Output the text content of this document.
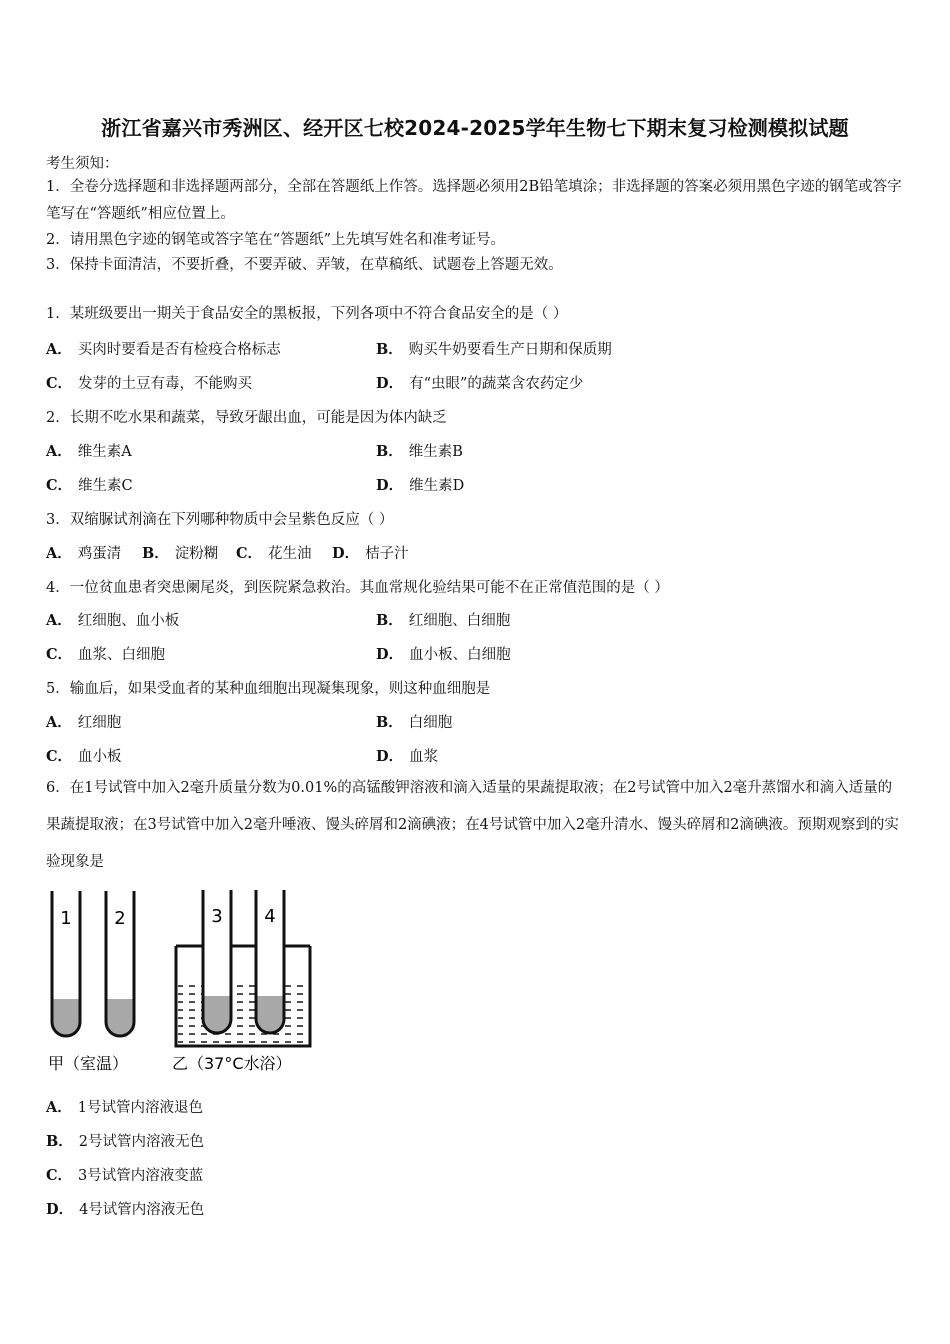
浙江省嘉兴市秀洲区、经开区七校2024-2025学年生物七下期末复习检测模拟试题
考生须知：
1．全卷分选择题和非选择题两部分，全部在答题纸上作答。选择题必须用2B铅笔填涂；非选择题的答案必须用黑色字迹的钢笔或答字笔写在“答题纸”相应位置上。
2．请用黑色字迹的钢笔或答字笔在“答题纸”上先填写姓名和准考证号。
3．保持卡面清洁，不要折叠，不要弄破、弄皱，在草稿纸、试题卷上答题无效。
1．某班级要出一期关于食品安全的黑板报，下列各项中不符合食品安全的是（ ）
A． 买肉时要看是否有检疫合格标志	B． 购买牛奶要看生产日期和保质期
C． 发芽的土豆有毒，不能购买	D． 有“虫眼”的蔬菜含农药定少
2．长期不吃水果和蔬菜，导致牙龈出血，可能是因为体内缺乏
A． 维生素A	B． 维生素B
C． 维生素C	D． 维生素D
3．双缩脲试剂滴在下列哪种物质中会呈紫色反应（ ）
A． 鸡蛋清 B． 淀粉糊 C． 花生油 D． 桔子汁
4．一位贫血患者突患阑尾炎，到医院紧急救治。其血常规化验结果可能不在正常值范围的是（ ）
A． 红细胞、血小板	B． 红细胞、白细胞
C． 血浆、白细胞	D． 血小板、白细胞
5．输血后，如果受血者的某种血细胞出现凝集现象，则这种血细胞是
A． 红细胞	B． 白细胞
C． 血小板	D． 血浆
6．在1号试管中加入2毫升质量分数为0.01%的高锰酸钾溶液和滴入适量的果蔬提取液；在2号试管中加入2毫升蒸馏水和滴入适量的果蔬提取液；在3号试管中加入2毫升唾液、馒头碎屑和2滴碘液；在4号试管中加入2毫升清水、馒头碎屑和2滴碘液。预期观察到的实验现象是
1 2	3 4
甲（室温）	乙（37°C水浴）
A． 1号试管内溶液退色
B． 2号试管内溶液无色
C． 3号试管内溶液变蓝
D． 4号试管内溶液无色
